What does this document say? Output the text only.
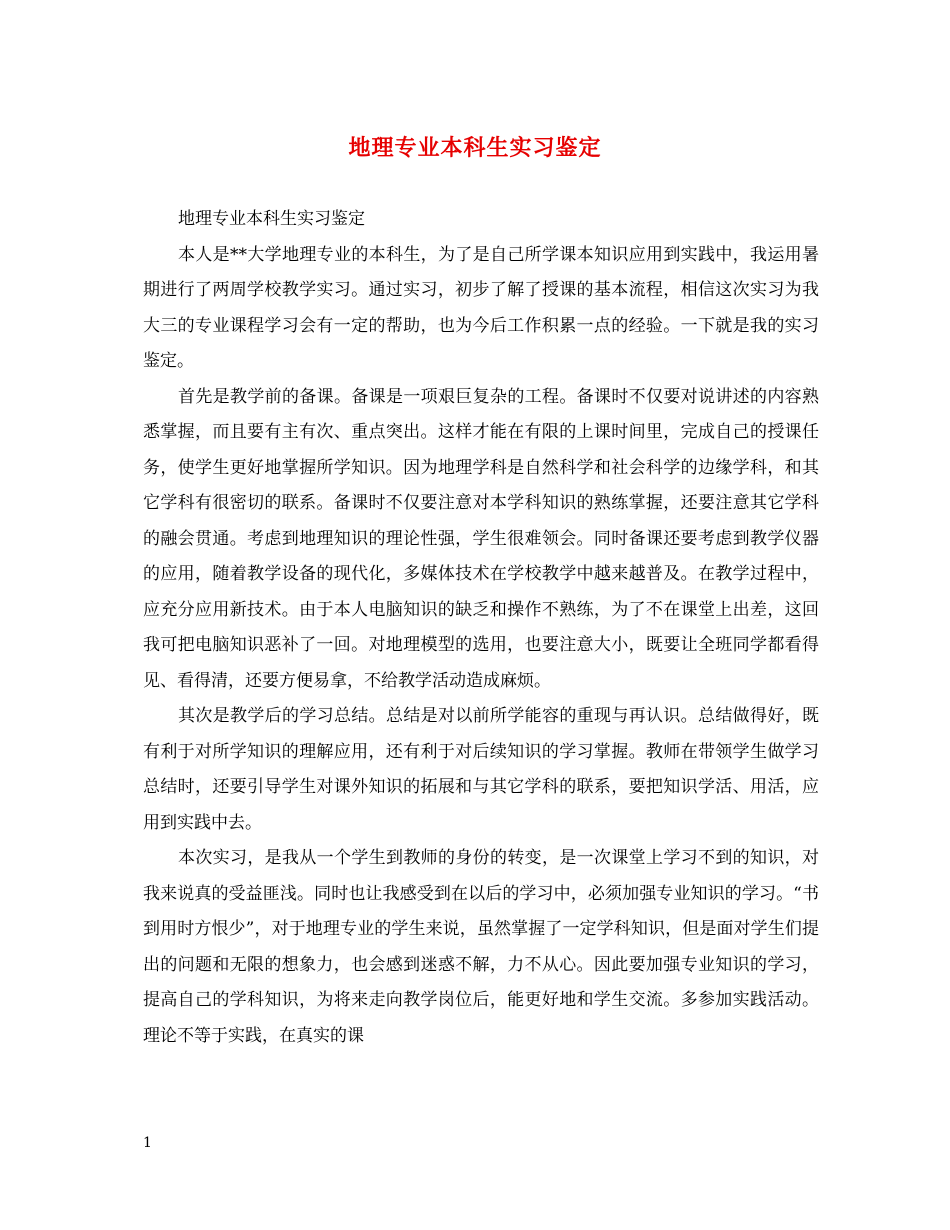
地理专业本科生实习鉴定

地理专业本科生实习鉴定

本人是**大学地理专业的本科生，为了是自己所学课本知识应用到实践中，我运用暑期进行了两周学校教学实习。通过实习，初步了解了授课的基本流程，相信这次实习为我大三的专业课程学习会有一定的帮助，也为今后工作积累一点的经验。一下就是我的实习鉴定。

首先是教学前的备课。备课是一项艰巨复杂的工程。备课时不仅要对说讲述的内容熟悉掌握，而且要有主有次、重点突出。这样才能在有限的上课时间里，完成自己的授课任务，使学生更好地掌握所学知识。因为地理学科是自然科学和社会科学的边缘学科，和其它学科有很密切的联系。备课时不仅要注意对本学科知识的熟练掌握，还要注意其它学科的融会贯通。考虑到地理知识的理论性强，学生很难领会。同时备课还要考虑到教学仪器的应用，随着教学设备的现代化，多媒体技术在学校教学中越来越普及。在教学过程中，应充分应用新技术。由于本人电脑知识的缺乏和操作不熟练，为了不在课堂上出差，这回我可把电脑知识恶补了一回。对地理模型的选用，也要注意大小，既要让全班同学都看得见、看得清，还要方便易拿，不给教学活动造成麻烦。

其次是教学后的学习总结。总结是对以前所学能容的重现与再认识。总结做得好，既有利于对所学知识的理解应用，还有利于对后续知识的学习掌握。教师在带领学生做学习总结时，还要引导学生对课外知识的拓展和与其它学科的联系，要把知识学活、用活，应用到实践中去。

本次实习，是我从一个学生到教师的身份的转变，是一次课堂上学习不到的知识，对我来说真的受益匪浅。同时也让我感受到在以后的学习中，必须加强专业知识的学习。“书到用时方恨少”，对于地理专业的学生来说，虽然掌握了一定学科知识，但是面对学生们提出的问题和无限的想象力，也会感到迷惑不解，力不从心。因此要加强专业知识的学习，提高自己的学科知识，为将来走向教学岗位后，能更好地和学生交流。多参加实践活动。理论不等于实践，在真实的课

1
